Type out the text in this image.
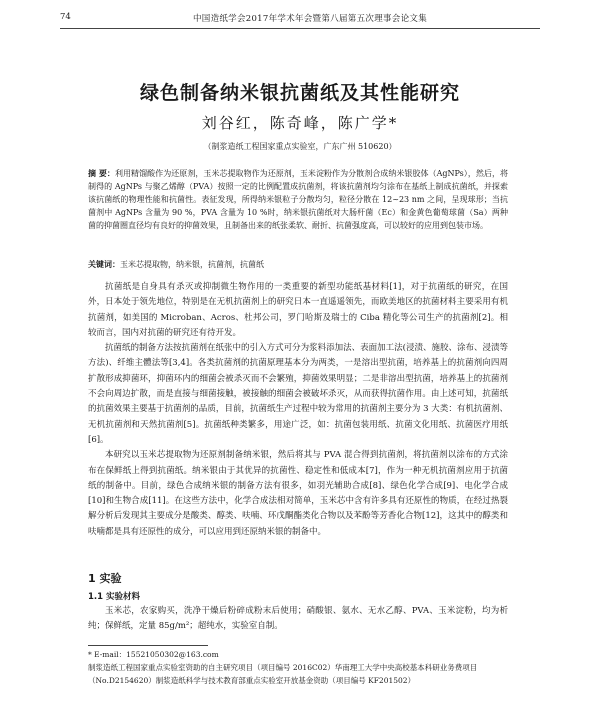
74	中国造纸学会2017年学术年会暨第八届第五次理事会论文集
绿色制备纳米银抗菌纸及其性能研究
刘谷红，陈奇峰，陈广学*
（制浆造纸工程国家重点实验室，广东广州 510620）
摘 要：利用精馏酸作为还原剂，玉米芯提取物作为还原剂，玉米淀粉作为分散剂合成纳米银胶体（AgNPs），然后，将制得的 AgNPs 与聚乙烯醇（PVA）按照一定的比例配置成抗菌剂，将该抗菌剂均匀涂布在基纸上制成抗菌纸，并探索该抗菌纸的物理性能和抗菌性。表征发现，所得纳米银粒子分散均匀，粒径分散在 12~23 nm 之间，呈现球形；当抗菌剂中 AgNPs 含量为 90 %，PVA 含量为 10 %时，纳米银抗菌纸对大肠杆菌（Ec）和金黄色葡萄球菌（Sa）两种菌的抑菌圈直径均有良好的抑菌效果，且制备出来的纸张柔软、耐折、抗菌强度高，可以较好的应用到包装市场。
关键词：玉米芯提取物，纳米银，抗菌剂，抗菌纸

抗菌纸是自身具有杀灭或抑制微生物作用的一类重要的新型功能纸基材料[1]，对于抗菌纸的研究，在国外，日本处于领先地位，特别是在无机抗菌剂上的研究日本一直遥遥领先，而欧美地区的抗菌材料主要采用有机抗菌剂，如美国的 Microban、Acros、杜邦公司，罗门哈斯及瑞士的 Ciba 精化等公司生产的抗菌剂[2]。相较而言，国内对抗菌的研究还有待开发。

抗菌纸的制备方法按抗菌剂在纸张中的引入方式可分为浆料添加法、表面加工法(浸渍、施胶、涂布、浸渍等方法)、纤维主體法等[3,4]。各类抗菌剂的抗菌原理基本分为两类，一是溶出型抗菌，培养基上的抗菌剂向四周扩散形成抑菌环，抑菌环内的细菌会被杀灭而不会繁殖，抑菌效果明显；二是非溶出型抗菌，培养基上的抗菌剂不会向周边扩散，而是直接与细菌接触，被接触的细菌会被破坏杀灭，从而获得抗菌作用。由上述可知，抗菌纸的抗菌效果主要基于抗菌剂的品质，目前，抗菌纸生产过程中较为常用的抗菌剂主要分为 3 大类：有机抗菌剂、无机抗菌剂和天然抗菌剂[5]。抗菌纸种类繁多，用途广泛，如：抗菌包装用纸、抗菌文化用纸、抗菌医疗用纸[6]。

本研究以玉米芯提取物为还原剂制备纳米银，然后将其与 PVA 混合得到抗菌剂，将抗菌剂以涂布的方式涂布在保鲜纸上得到抗菌纸。纳米银由于其优异的抗菌性、稳定性和低成本[7]，作为一种无机抗菌剂应用于抗菌纸的制备中。目前，绿色合成纳米银的制备方法有很多，如羽光辅助合成[8]、绿色化学合成[9]、电化学合成[10]和生物合成[11]。在这些方法中，化学合成法相对简单，玉米芯中含有许多具有还原性的物质，在经过热裂解分析后发现其主要成分是酸类、醇类、呋喃、环戊酮酯类化合物以及苯酚等芳香化合物[12]，这其中的醇类和呋喃都是具有还原性的成分，可以应用到还原纳米银的制备中。

1 实验
1.1 实验材料
玉米芯，农家购买，洗净干燥后粉碎成粉末后使用；硝酸银、氨水、无水乙醇、PVA、玉米淀粉，均为析纯；保鲜纸，定量 85g/m²；超纯水，实验室自制。
* E-mail：15521050302@163.com
制浆造纸工程国家重点实验室资助的自主研究项目（项目编号 2016C02）华南理工大学中央高校基本科研业务费项目（No.D2154620）制浆造纸科学与技术教育部重点实验室开放基金资助（项目编号 KF201502）
